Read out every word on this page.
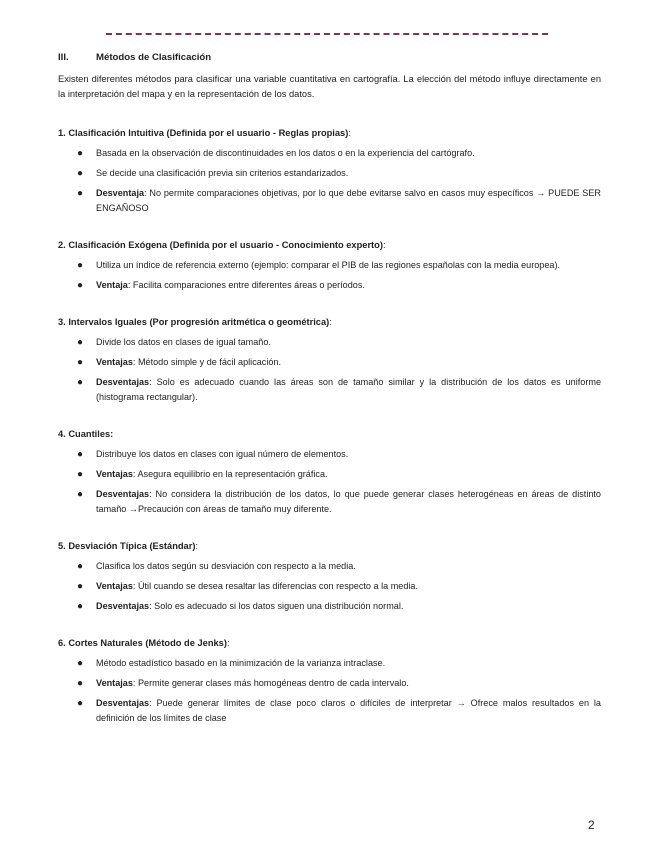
III.	Métodos de Clasificación

Existen diferentes métodos para clasificar una variable cuantitativa en cartografía. La elección del método influye directamente en la interpretación del mapa y en la representación de los datos.

1. Clasificación Intuitiva (Definida por el usuario - Reglas propias):
● Basada en la observación de discontinuidades en los datos o en la experiencia del cartógrafo.
● Se decide una clasificación previa sin criterios estandarizados.
● Desventaja: No permite comparaciones objetivas, por lo que debe evitarse salvo en casos muy específicos → PUEDE SER ENGAÑOSO
2. Clasificación Exógena (Definida por el usuario - Conocimiento experto):
● Utiliza un índice de referencia externo (ejemplo: comparar el PIB de las regiones españolas con la media europea).
● Ventaja: Facilita comparaciones entre diferentes áreas o períodos.
3. Intervalos Iguales (Por progresión aritmética o geométrica):
● Divide los datos en clases de igual tamaño.
● Ventajas: Método simple y de fácil aplicación.
● Desventajas: Solo es adecuado cuando las áreas son de tamaño similar y la distribución de los datos es uniforme (histograma rectangular).
4. Cuantiles:
● Distribuye los datos en clases con igual número de elementos.
● Ventajas: Asegura equilibrio en la representación gráfica.
● Desventajas: No considera la distribución de los datos, lo que puede generar clases heterogéneas en áreas de distinto tamaño →Precaución con áreas de tamaño muy diferente.
5. Desviación Típica (Estándar):
● Clasifica los datos según su desviación con respecto a la media.
● Ventajas: Útil cuando se desea resaltar las diferencias con respecto a la media.
● Desventajas: Solo es adecuado si los datos siguen una distribución normal.
6. Cortes Naturales (Método de Jenks):
● Método estadístico basado en la minimización de la varianza intraclase.
● Ventajas: Permite generar clases más homogéneas dentro de cada intervalo.
● Desventajas: Puede generar límites de clase poco claros o difíciles de interpretar → Ofrece malos resultados en la definición de los límites de clase
2
